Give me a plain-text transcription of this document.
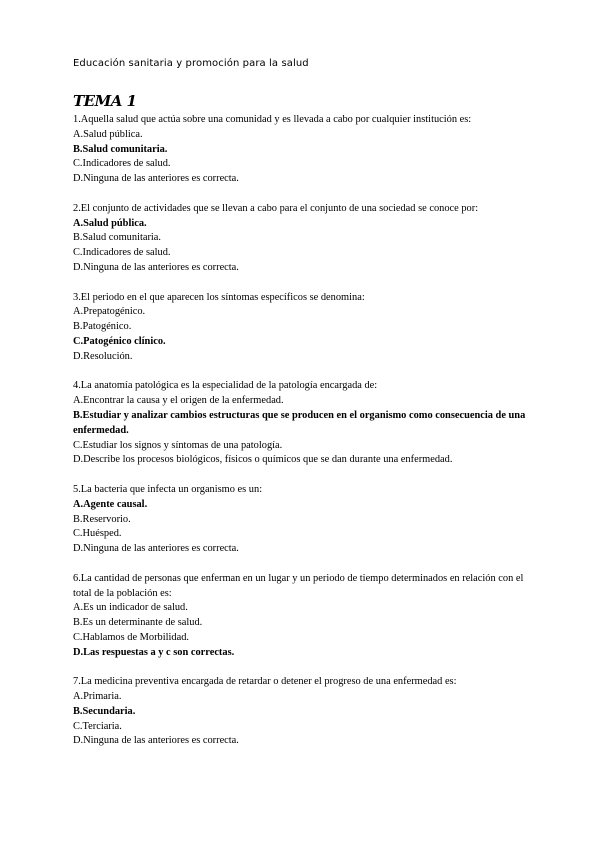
Educación sanitaria y promoción para la salud
TEMA 1
1.Aquella salud que actúa sobre una comunidad y es llevada a cabo por cualquier institución es:
A.Salud pública.
B.Salud comunitaria.
C.Indicadores de salud.
D.Ninguna de las anteriores es correcta.
2.El conjunto de actividades que se llevan a cabo para el conjunto de una sociedad se conoce por:
A.Salud pública.
B.Salud comunitaria.
C.Indicadores de salud.
D.Ninguna de las anteriores es correcta.
3.El periodo en el que aparecen los síntomas específicos se denomina:
A.Prepatogénico.
B.Patogénico.
C.Patogénico clínico.
D.Resolución.
4.La anatomía patológica es la especialidad de la patología encargada de:
A.Encontrar la causa y el origen de la enfermedad.
B.Estudiar y analizar cambios estructuras que se producen en el organismo como consecuencia de una enfermedad.
C.Estudiar los signos y síntomas de una patología.
D.Describe los procesos biológicos, físicos o químicos que se dan durante una enfermedad.
5.La bacteria que infecta un organismo es un:
A.Agente causal.
B.Reservorio.
C.Huésped.
D.Ninguna de las anteriores es correcta.
6.La cantidad de personas que enferman en un lugar y un periodo de tiempo determinados en relación con el total de la población es:
A.Es un indicador de salud.
B.Es un determinante de salud.
C.Hablamos de Morbilidad.
D.Las respuestas a y c son correctas.
7.La medicina preventiva encargada de retardar o detener el progreso de una enfermedad es:
A.Primaria.
B.Secundaria.
C.Terciaria.
D.Ninguna de las anteriores es correcta.
